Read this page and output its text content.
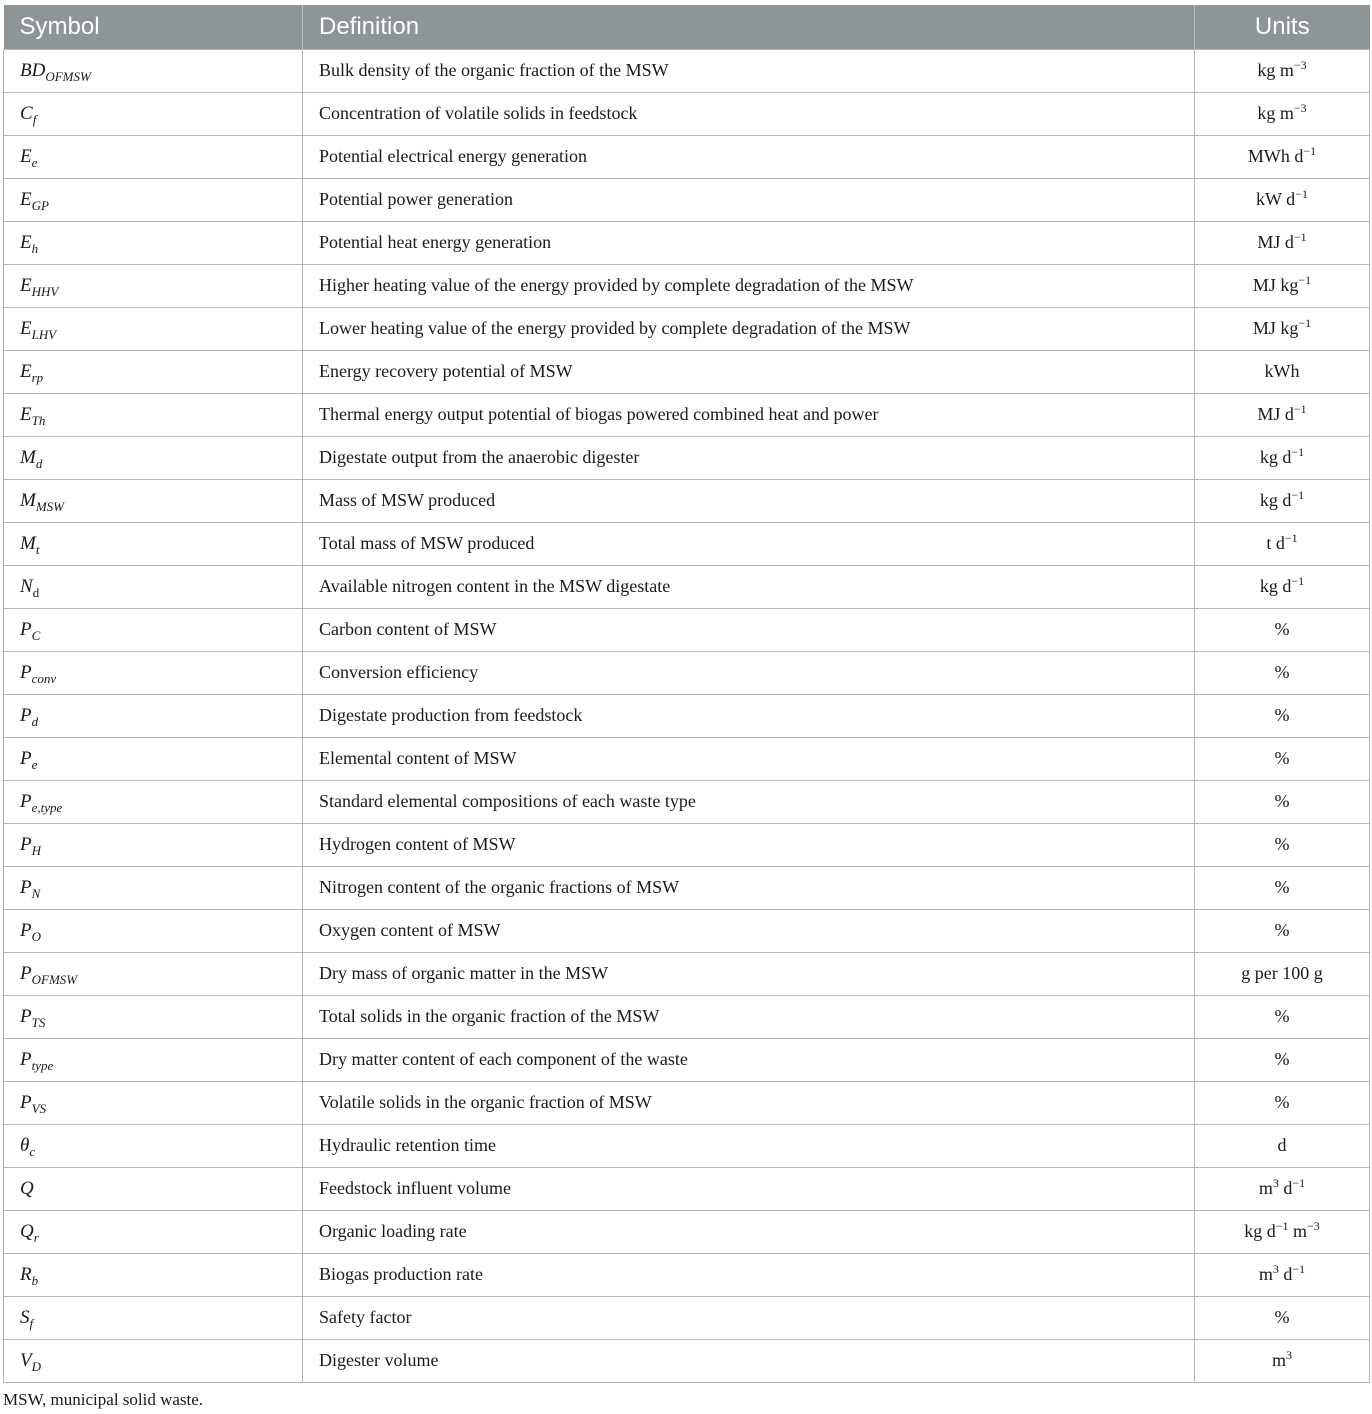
Symbol	Definition	Units
$BD_{OFMSW}$	Bulk density of the organic fraction of the MSW	kg $m^{-3}$
$C_f$	Concentration of volatile solids in feedstock	kg $m^{-3}$
$E_e$	Potential electrical energy generation	MWh $d^{-1}$
$E_{GP}$	Potential power generation	kW $d^{-1}$
$E_h$	Potential heat energy generation	MJ $d^{-1}$
$E_{HHV}$	Higher heating value of the energy provided by complete degradation of the MSW	MJ $kg^{-1}$
$E_{LHV}$	Lower heating value of the energy provided by complete degradation of the MSW	MJ $kg^{-1}$
$E_{rp}$	Energy recovery potential of MSW	kWh
$E_{Th}$	Thermal energy output potential of biogas powered combined heat and power	MJ $d^{-1}$
$M_d$	Digestate output from the anaerobic digester	kg $d^{-1}$
$M_{MSW}$	Mass of MSW produced	kg $d^{-1}$
$M_t$	Total mass of MSW produced	t $d^{-1}$
$N_d$	Available nitrogen content in the MSW digestate	kg $d^{-1}$
$P_C$	Carbon content of MSW	%
$P_{conv}$	Conversion efficiency	%
$P_d$	Digestate production from feedstock	%
$P_e$	Elemental content of MSW	%
$P_{e,type}$	Standard elemental compositions of each waste type	%
$P_H$	Hydrogen content of MSW	%
$P_N$	Nitrogen content of the organic fractions of MSW	%
$P_O$	Oxygen content of MSW	%
$P_{OFMSW}$	Dry mass of organic matter in the MSW	g per 100 g
$P_{TS}$	Total solids in the organic fraction of the MSW	%
$P_{type}$	Dry matter content of each component of the waste	%
$P_{VS}$	Volatile solids in the organic fraction of MSW	%
$\theta_c$	Hydraulic retention time	d
Q	Feedstock influent volume	$m^3$ $d^{-1}$
$Q_r$	Organic loading rate	kg $d^{-1}$ $m^{-3}$
$R_b$	Biogas production rate	$m^3$ $d^{-1}$
$S_f$	Safety factor	%
$V_D$	Digester volume	$m^3$
MSW, municipal solid waste.
